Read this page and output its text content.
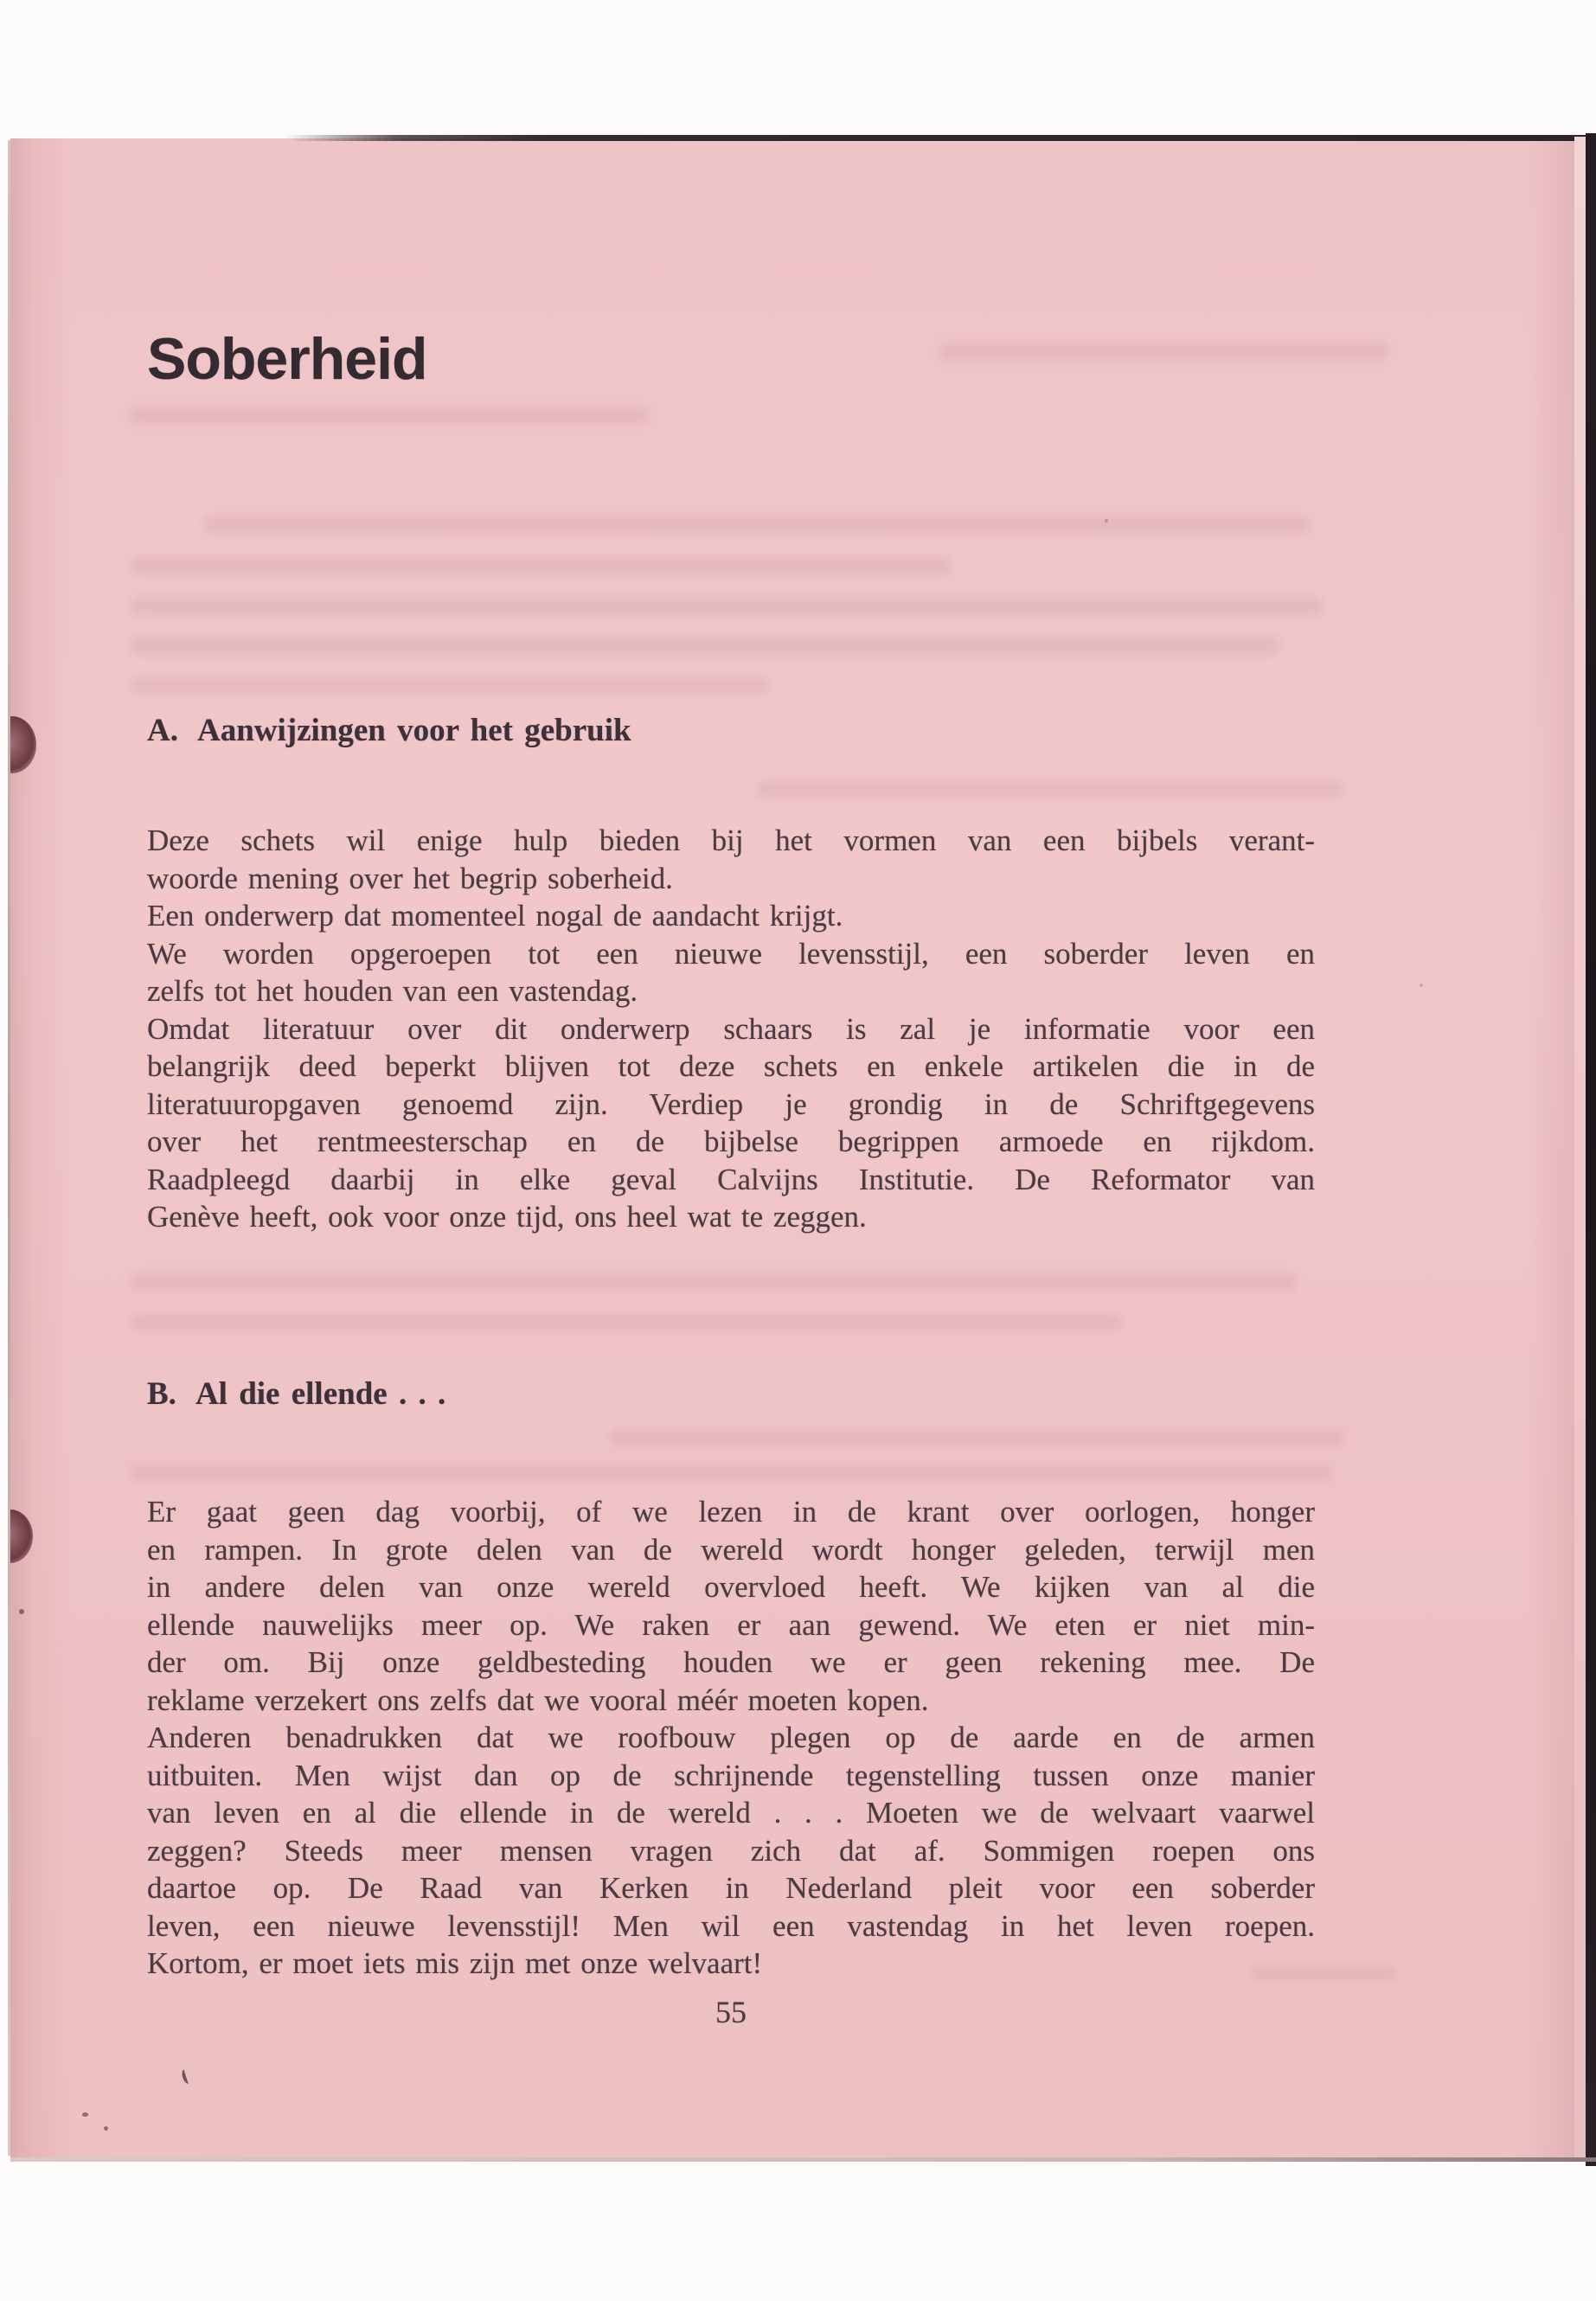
Soberheid
A. Aanwijzingen voor het gebruik
Deze schets wil enige hulp bieden bij het vormen van een bijbels verant-
woorde mening over het begrip soberheid.
Een onderwerp dat momenteel nogal de aandacht krijgt.
We worden opgeroepen tot een nieuwe levensstijl, een soberder leven en
zelfs tot het houden van een vastendag.
Omdat literatuur over dit onderwerp schaars is zal je informatie voor een
belangrijk deed beperkt blijven tot deze schets en enkele artikelen die in de
literatuuropgaven genoemd zijn. Verdiep je grondig in de Schriftgegevens
over het rentmeesterschap en de bijbelse begrippen armoede en rijkdom.
Raadpleegd daarbij in elke geval Calvijns Institutie. De Reformator van
Genève heeft, ook voor onze tijd, ons heel wat te zeggen.
B. Al die ellende . . .
Er gaat geen dag voorbij, of we lezen in de krant over oorlogen, honger
en rampen. In grote delen van de wereld wordt honger geleden, terwijl men
in andere delen van onze wereld overvloed heeft. We kijken van al die
ellende nauwelijks meer op. We raken er aan gewend. We eten er niet min-
der om. Bij onze geldbesteding houden we er geen rekening mee. De
reklame verzekert ons zelfs dat we vooral méér moeten kopen.
Anderen benadrukken dat we roofbouw plegen op de aarde en de armen
uitbuiten. Men wijst dan op de schrijnende tegenstelling tussen onze manier
van leven en al die ellende in de wereld . . . Moeten we de welvaart vaarwel
zeggen? Steeds meer mensen vragen zich dat af. Sommigen roepen ons
daartoe op. De Raad van Kerken in Nederland pleit voor een soberder
leven, een nieuwe levensstijl! Men wil een vastendag in het leven roepen.
Kortom, er moet iets mis zijn met onze welvaart!
55
